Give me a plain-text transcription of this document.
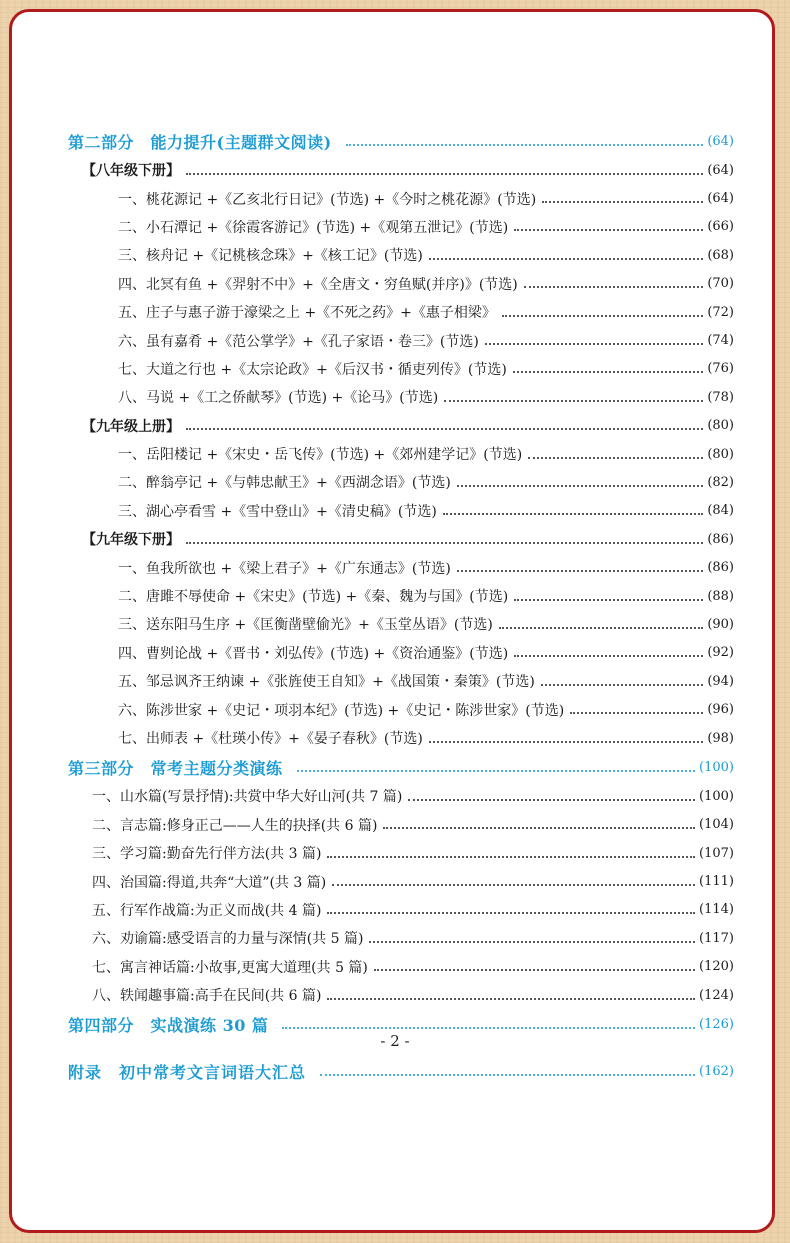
第二部分　能力提升(主题群文阅读)	(64)
【八年级下册】	(64)
一、桃花源记 +《乙亥北行日记》(节选) +《今时之桃花源》(节选)	(64)
二、小石潭记 +《徐霞客游记》(节选) +《观第五泄记》(节选)	(66)
三、核舟记 +《记桃核念珠》+《核工记》(节选)	(68)
四、北冥有鱼 +《羿射不中》+《全唐文・穷鱼赋(并序)》(节选)	(70)
五、庄子与惠子游于濠梁之上 +《不死之药》+《惠子相梁》	(72)
六、虽有嘉肴 +《范公掌学》+《孔子家语・卷三》(节选)	(74)
七、大道之行也 +《太宗论政》+《后汉书・循吏列传》(节选)	(76)
八、马说 +《工之侨献琴》(节选) +《论马》(节选)	(78)
【九年级上册】	(80)
一、岳阳楼记 +《宋史・岳飞传》(节选) +《郊州建学记》(节选)	(80)
二、醉翁亭记 +《与韩忠献王》+《西湖念语》(节选)	(82)
三、湖心亭看雪 +《雪中登山》+《清史稿》(节选)	(84)
【九年级下册】	(86)
一、鱼我所欲也 +《梁上君子》+《广东通志》(节选)	(86)
二、唐雎不辱使命 +《宋史》(节选) +《秦、魏为与国》(节选)	(88)
三、送东阳马生序 +《匡衡凿壁偷光》+《玉堂丛语》(节选)	(90)
四、曹刿论战 +《晋书・刘弘传》(节选) +《资治通鉴》(节选)	(92)
五、邹忌讽齐王纳谏 +《张旌使王自知》+《战国策・秦策》(节选)	(94)
六、陈涉世家 +《史记・项羽本纪》(节选) +《史记・陈涉世家》(节选)	(96)
七、出师表 +《杜瑛小传》+《晏子春秋》(节选)	(98)
第三部分　常考主题分类演练	(100)
一、山水篇(写景抒情):共赏中华大好山河(共 7 篇)	(100)
二、言志篇:修身正己——人生的抉择(共 6 篇)	(104)
三、学习篇:勤奋先行伴方法(共 3 篇)	(107)
四、治国篇:得道,共奔“大道”(共 3 篇)	(111)
五、行军作战篇:为正义而战(共 4 篇)	(114)
六、劝谕篇:感受语言的力量与深情(共 5 篇)	(117)
七、寓言神话篇:小故事,更寓大道理(共 5 篇)	(120)
八、轶闻趣事篇:高手在民间(共 6 篇)	(124)
第四部分　实战演练 30 篇	(126)
附录　初中常考文言词语大汇总	(162)
- 2 -
